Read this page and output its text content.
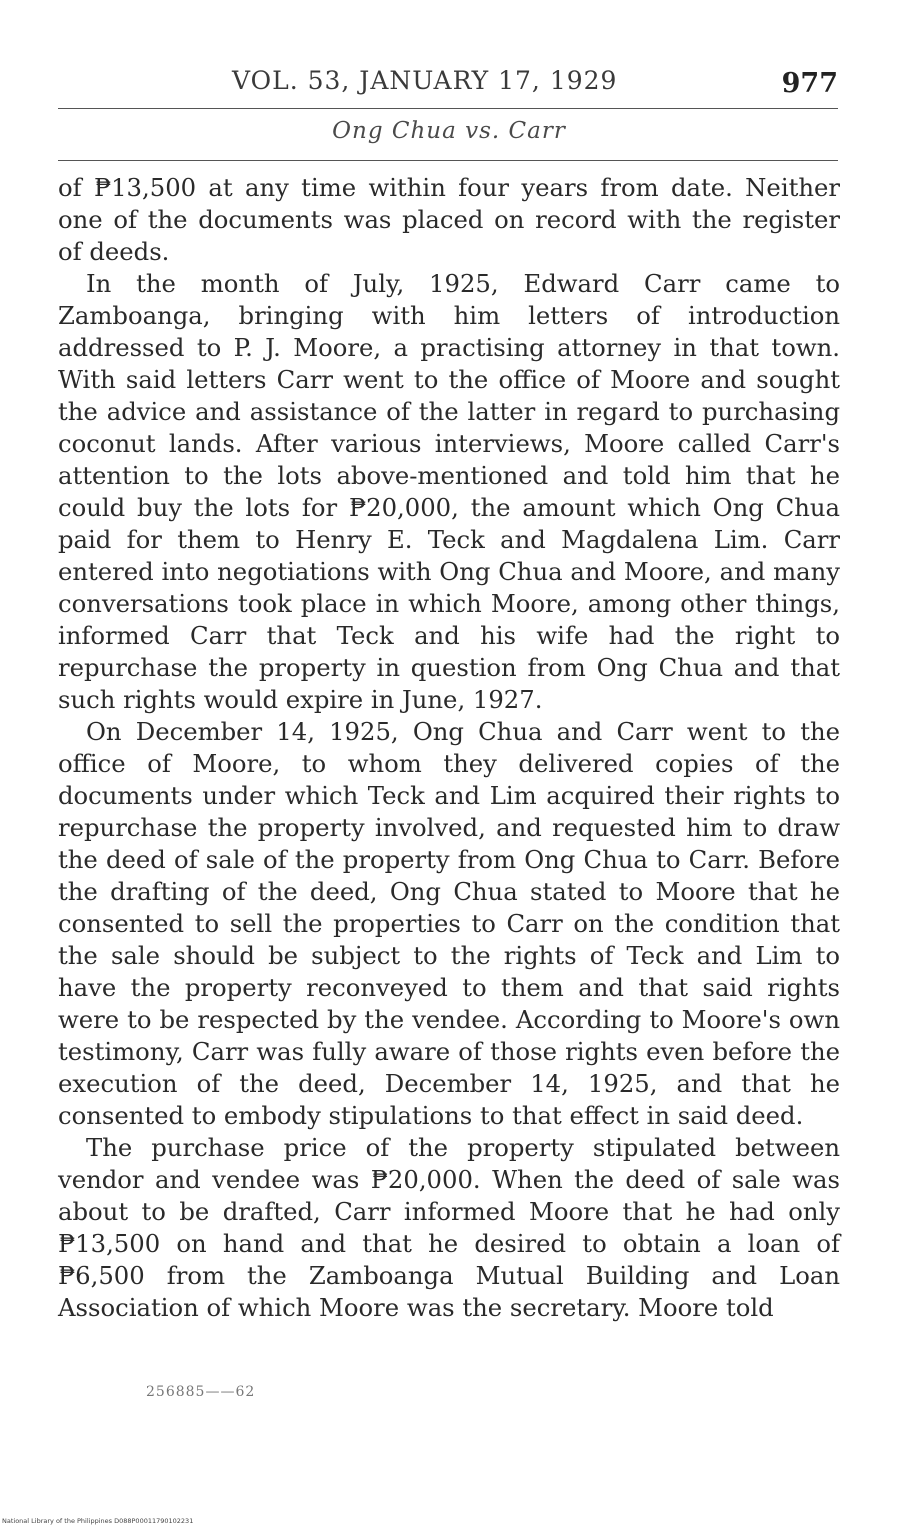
VOL. 53, JANUARY 17, 1929	977
Ong Chua vs. Carr

of ₱13,500 at any time within four years from date. Neither one of the documents was placed on record with the register of deeds.

In the month of July, 1925, Edward Carr came to Zamboanga, bringing with him letters of introduction addressed to P. J. Moore, a practising attorney in that town. With said letters Carr went to the office of Moore and sought the advice and assistance of the latter in regard to purchasing coconut lands. After various interviews, Moore called Carr's attention to the lots above-mentioned and told him that he could buy the lots for ₱20,000, the amount which Ong Chua paid for them to Henry E. Teck and Magdalena Lim. Carr entered into negotiations with Ong Chua and Moore, and many conversations took place in which Moore, among other things, informed Carr that Teck and his wife had the right to repurchase the property in question from Ong Chua and that such rights would expire in June, 1927.

On December 14, 1925, Ong Chua and Carr went to the office of Moore, to whom they delivered copies of the documents under which Teck and Lim acquired their rights to repurchase the property involved, and requested him to draw the deed of sale of the property from Ong Chua to Carr. Before the drafting of the deed, Ong Chua stated to Moore that he consented to sell the properties to Carr on the condition that the sale should be subject to the rights of Teck and Lim to have the property reconveyed to them and that said rights were to be respected by the vendee. According to Moore's own testimony, Carr was fully aware of those rights even before the execution of the deed, December 14, 1925, and that he consented to embody stipulations to that effect in said deed.

The purchase price of the property stipulated between vendor and vendee was ₱20,000. When the deed of sale was about to be drafted, Carr informed Moore that he had only ₱13,500 on hand and that he desired to obtain a loan of ₱6,500 from the Zamboanga Mutual Building and Loan Association of which Moore was the secretary. Moore told

256885——62
National Library of the Philippines D088P00011790102231
